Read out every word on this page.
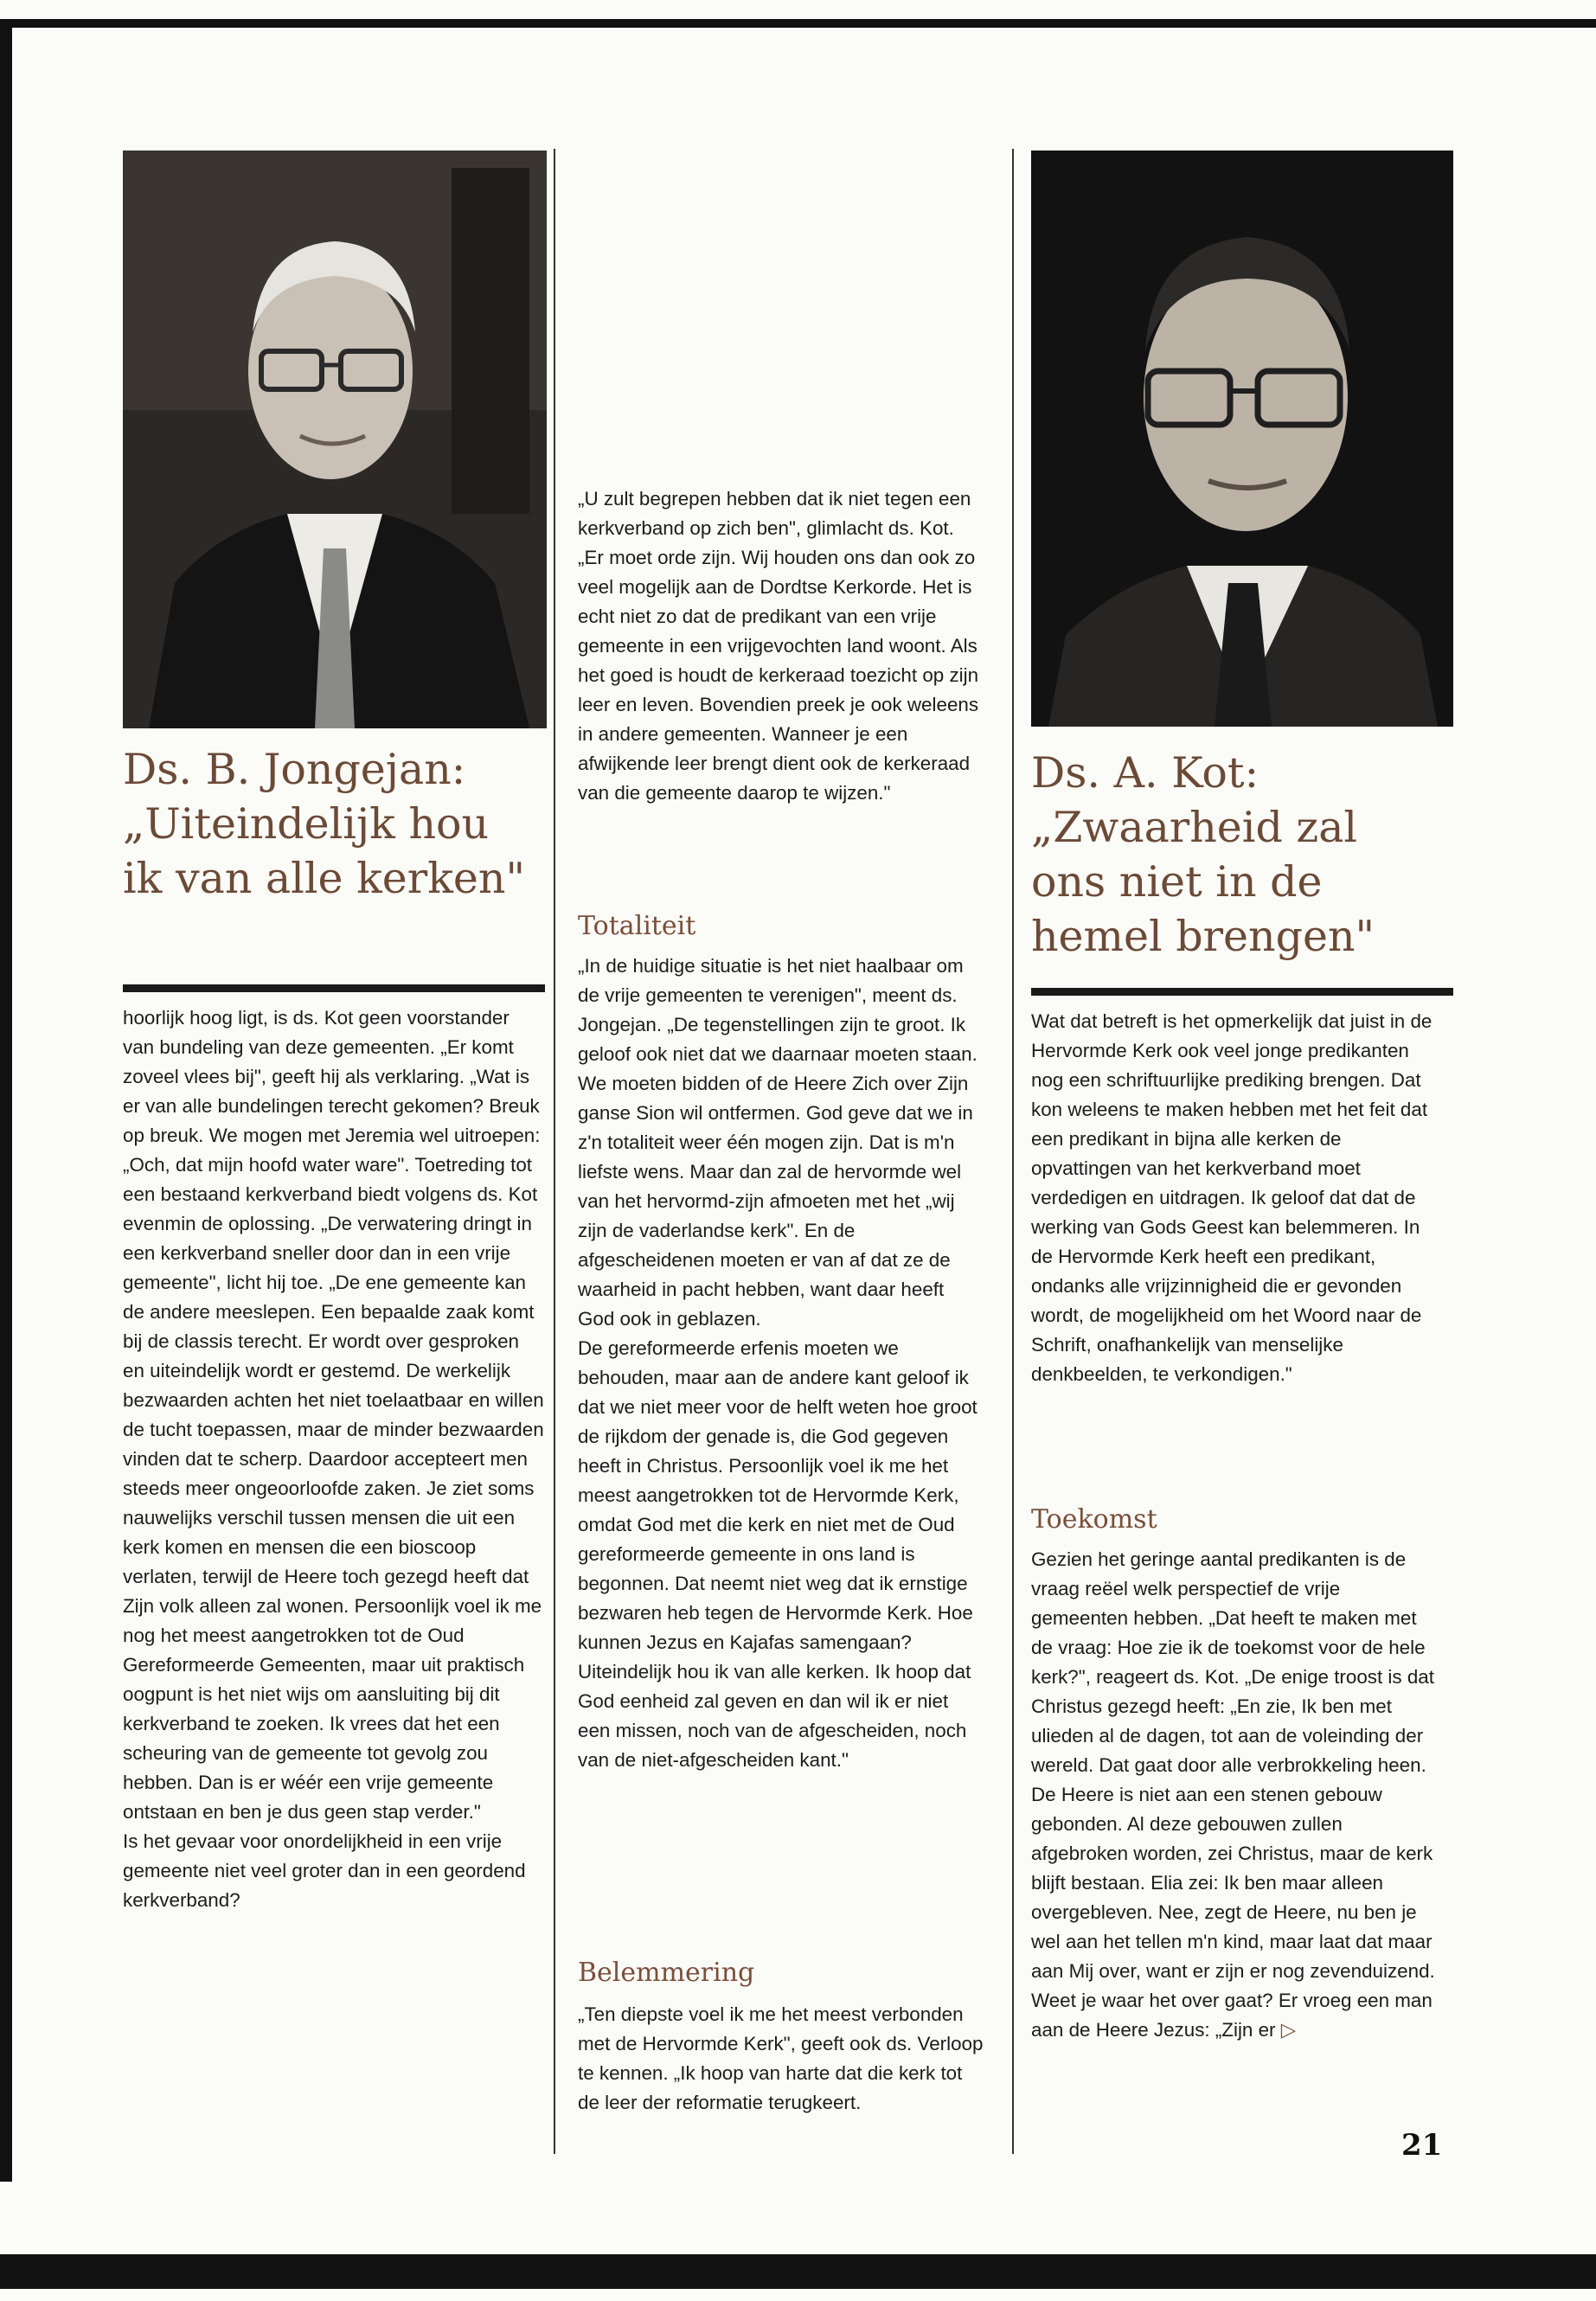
Ds. B. Jongejan: „Uiteindelijk hou ik van alle kerken"

hoorlijk hoog ligt, is ds. Kot geen voorstander van bundeling van deze gemeenten. „Er komt zoveel vlees bij", geeft hij als verklaring. „Wat is er van alle bundelingen terecht gekomen? Breuk op breuk. We mogen met Jeremia wel uitroepen: „Och, dat mijn hoofd water ware". Toetreding tot een bestaand kerkverband biedt volgens ds. Kot evenmin de oplossing. „De verwatering dringt in een kerkverband sneller door dan in een vrije gemeente", licht hij toe. „De ene gemeente kan de andere meeslepen. Een bepaalde zaak komt bij de classis terecht. Er wordt over gesproken en uiteindelijk wordt er gestemd. De werkelijk bezwaarden achten het niet toelaatbaar en willen de tucht toepassen, maar de minder bezwaarden vinden dat te scherp. Daardoor accepteert men steeds meer ongeoorloofde zaken. Je ziet soms nauwelijks verschil tussen mensen die uit een kerk komen en mensen die een bioscoop verlaten, terwijl de Heere toch gezegd heeft dat Zijn volk alleen zal wonen. Persoonlijk voel ik me nog het meest aangetrokken tot de Oud Gereformeerde Gemeenten, maar uit praktisch oogpunt is het niet wijs om aansluiting bij dit kerkverband te zoeken. Ik vrees dat het een scheuring van de gemeente tot gevolg zou hebben. Dan is er wéér een vrije gemeente ontstaan en ben je dus geen stap verder."

Is het gevaar voor onordelijkheid in een vrije gemeente niet veel groter dan in een geordend kerkverband?

„U zult begrepen hebben dat ik niet tegen een kerkverband op zich ben", glimlacht ds. Kot. „Er moet orde zijn. Wij houden ons dan ook zo veel mogelijk aan de Dordtse Kerkorde. Het is echt niet zo dat de predikant van een vrije gemeente in een vrijgevochten land woont. Als het goed is houdt de kerkeraad toezicht op zijn leer en leven. Bovendien preek je ook weleens in andere gemeenten. Wanneer je een afwijkende leer brengt dient ook de kerkeraad van die gemeente daarop te wijzen."

Totaliteit

„In de huidige situatie is het niet haalbaar om de vrije gemeenten te verenigen", meent ds. Jongejan. „De tegenstellingen zijn te groot. Ik geloof ook niet dat we daarnaar moeten staan. We moeten bidden of de Heere Zich over Zijn ganse Sion wil ontfermen. God geve dat we in z'n totaliteit weer één mogen zijn. Dat is m'n liefste wens. Maar dan zal de hervormde wel van het hervormd-zijn afmoeten met het „wij zijn de vaderlandse kerk". En de afgescheidenen moeten er van af dat ze de waarheid in pacht hebben, want daar heeft God ook in geblazen.

De gereformeerde erfenis moeten we behouden, maar aan de andere kant geloof ik dat we niet meer voor de helft weten hoe groot de rijkdom der genade is, die God gegeven heeft in Christus. Persoonlijk voel ik me het meest aangetrokken tot de Hervormde Kerk, omdat God met die kerk en niet met de Oud gereformeerde gemeente in ons land is begonnen. Dat neemt niet weg dat ik ernstige bezwaren heb tegen de Hervormde Kerk. Hoe kunnen Jezus en Kajafas samengaan? Uiteindelijk hou ik van alle kerken. Ik hoop dat God eenheid zal geven en dan wil ik er niet een missen, noch van de afgescheiden, noch van de niet-afgescheiden kant."

Belemmering

„Ten diepste voel ik me het meest verbonden met de Hervormde Kerk", geeft ook ds. Verloop te kennen. „Ik hoop van harte dat die kerk tot de leer der reformatie terugkeert.

Ds. A. Kot: „Zwaarheid zal ons niet in de hemel brengen"

Wat dat betreft is het opmerkelijk dat juist in de Hervormde Kerk ook veel jonge predikanten nog een schriftuurlijke prediking brengen. Dat kon weleens te maken hebben met het feit dat een predikant in bijna alle kerken de opvattingen van het kerkverband moet verdedigen en uitdragen. Ik geloof dat dat de werking van Gods Geest kan belemmeren. In de Hervormde Kerk heeft een predikant, ondanks alle vrijzinnigheid die er gevonden wordt, de mogelijkheid om het Woord naar de Schrift, onafhankelijk van menselijke denkbeelden, te verkondigen."

Toekomst

Gezien het geringe aantal predikanten is de vraag reëel welk perspectief de vrije gemeenten hebben. „Dat heeft te maken met de vraag: Hoe zie ik de toekomst voor de hele kerk?", reageert ds. Kot. „De enige troost is dat Christus gezegd heeft: „En zie, Ik ben met ulieden al de dagen, tot aan de voleinding der wereld. Dat gaat door alle verbrokkeling heen. De Heere is niet aan een stenen gebouw gebonden. Al deze gebouwen zullen afgebroken worden, zei Christus, maar de kerk blijft bestaan. Elia zei: Ik ben maar alleen overgebleven. Nee, zegt de Heere, nu ben je wel aan het tellen m'n kind, maar laat dat maar aan Mij over, want er zijn er nog zevenduizend.

Weet je waar het over gaat? Er vroeg een man aan de Heere Jezus: „Zijn er ▷

21
